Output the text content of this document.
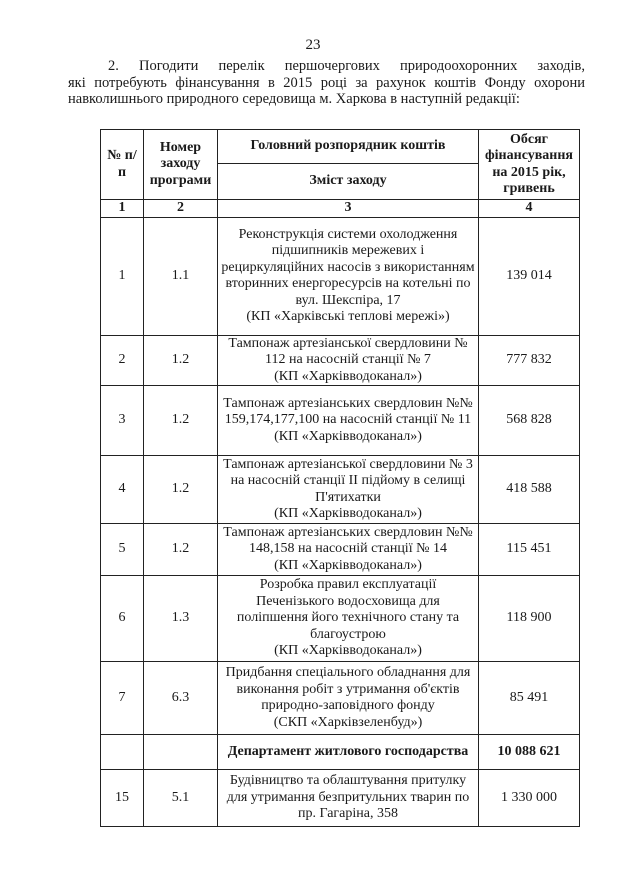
23
2. Погодити перелік першочергових природоохоронних заходів,
які потребують фінансування в 2015 році за рахунок коштів Фонду охорони навколишнього природного середовища м. Харкова в наступній редакції:
№ п/п	Номер заходу програми	Головний розпорядник коштів	Обсяг фінансування на 2015 рік, гривень
		Зміст заходу	
1	2	3	4
1	1.1	Реконструкція системи охолодження підшипників мережевих і рециркуляційних насосів з використанням вторинних енергоресурсів на котельні по вул. Шекспіра, 17
(КП «Харківські теплові мережі»)	139 014
2	1.2	Тампонаж артезіанської свердловини № 112 на насосній станції № 7
(КП «Харківводоканал»)	777 832
3	1.2	Тампонаж артезіанських свердловин №№ 159,174,177,100 на насосній станції № 11
(КП «Харківводоканал»)	568 828
4	1.2	Тампонаж артезіанської свердловини № 3 на насосній станції ІІ підйому в селищі П'ятихатки
(КП «Харківводоканал»)	418 588
5	1.2	Тампонаж артезіанських свердловин №№ 148,158 на насосній станції № 14
(КП «Харківводоканал»)	115 451
6	1.3	Розробка правил експлуатації Печенізького водосховища для поліпшення його технічного стану та благоустрою
(КП «Харківводоканал»)	118 900
7	6.3	Придбання спеціального обладнання для виконання робіт з утримання об'єктів природно-заповідного фонду
(СКП «Харківзеленбуд»)	85 491
		Департамент житлового господарства	10 088 621
15	5.1	Будівництво та облаштування притулку для утримання безпритульних тварин по пр. Гагаріна, 358	1 330 000
